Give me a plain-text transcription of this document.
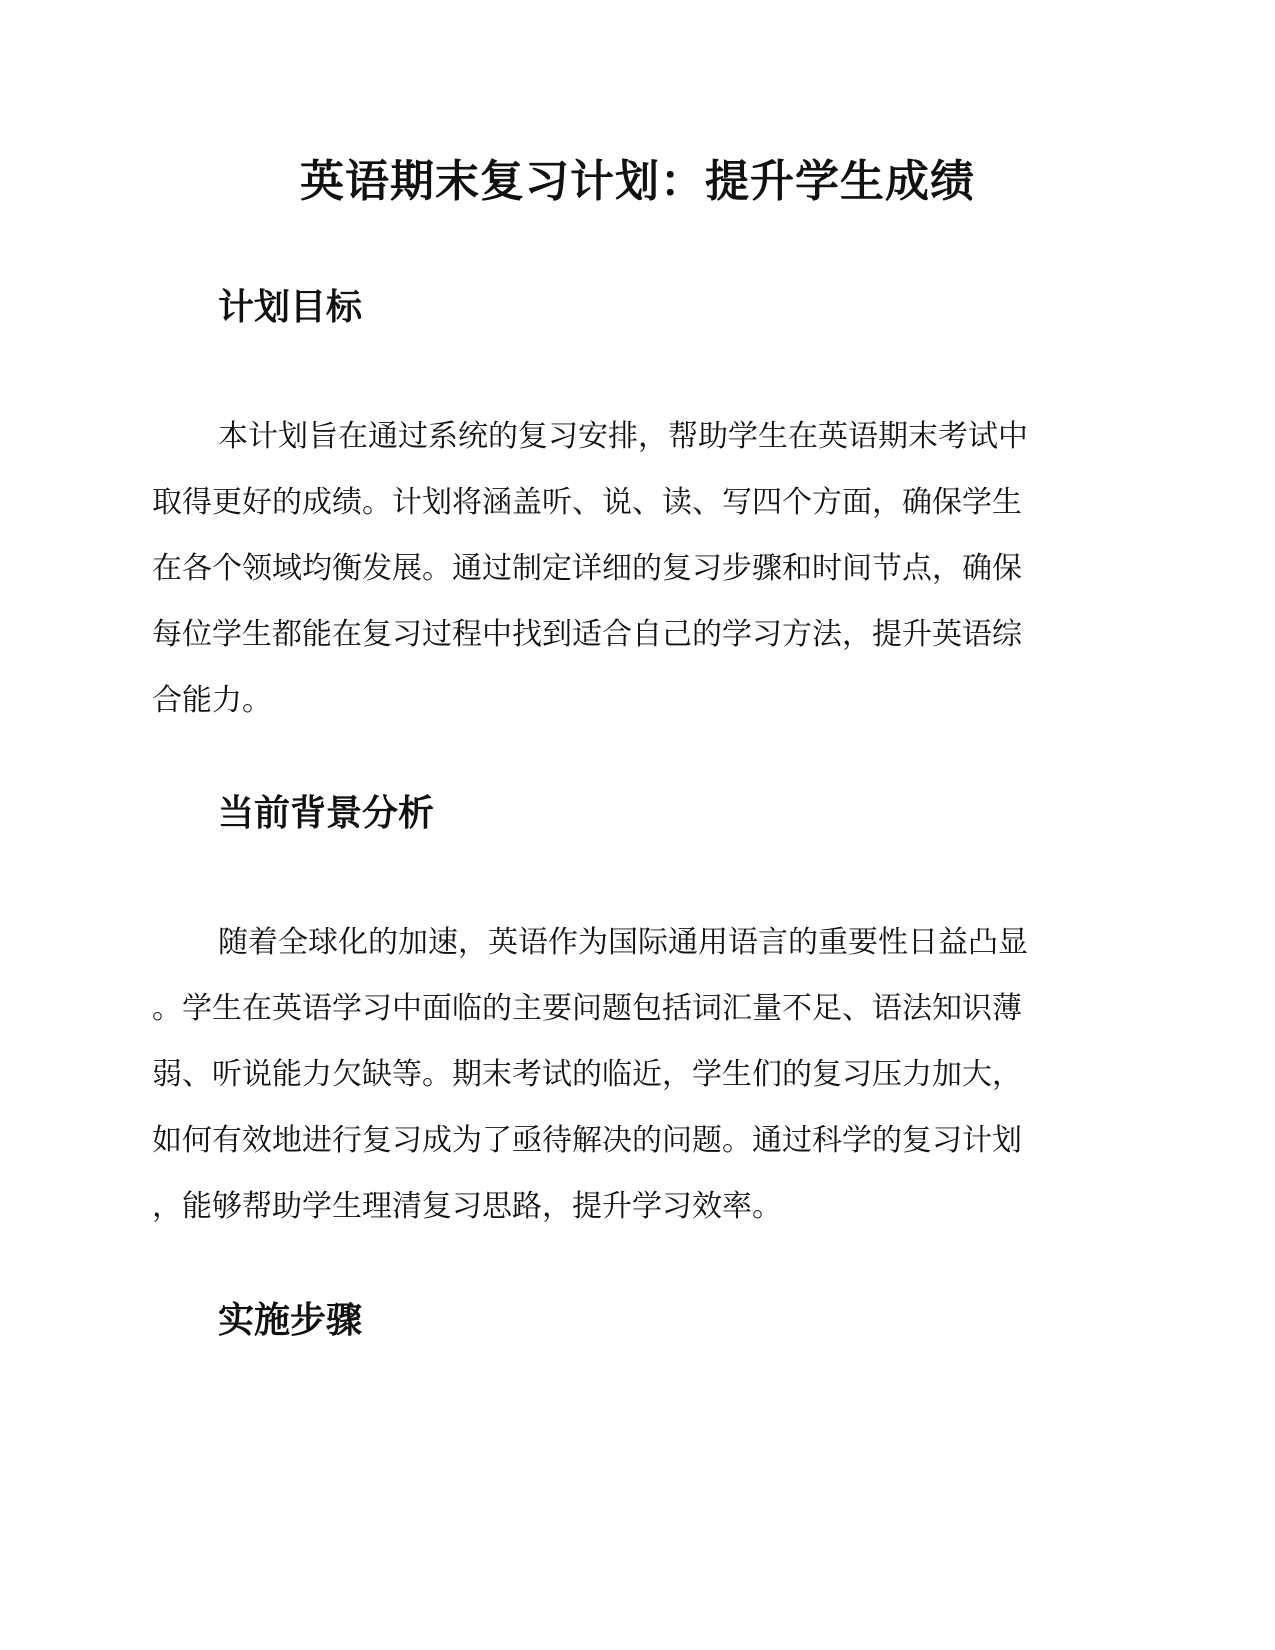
英语期末复习计划：提升学生成绩
计划目标

本计划旨在通过系统的复习安排，帮助学生在英语期末考试中
取得更好的成绩。计划将涵盖听、说、读、写四个方面，确保学生
在各个领域均衡发展。通过制定详细的复习步骤和时间节点，确保
每位学生都能在复习过程中找到适合自己的学习方法，提升英语综
合能力。

当前背景分析

随着全球化的加速，英语作为国际通用语言的重要性日益凸显
。学生在英语学习中面临的主要问题包括词汇量不足、语法知识薄
弱、听说能力欠缺等。期末考试的临近，学生们的复习压力加大，
如何有效地进行复习成为了亟待解决的问题。通过科学的复习计划
，能够帮助学生理清复习思路，提升学习效率。

实施步骤
